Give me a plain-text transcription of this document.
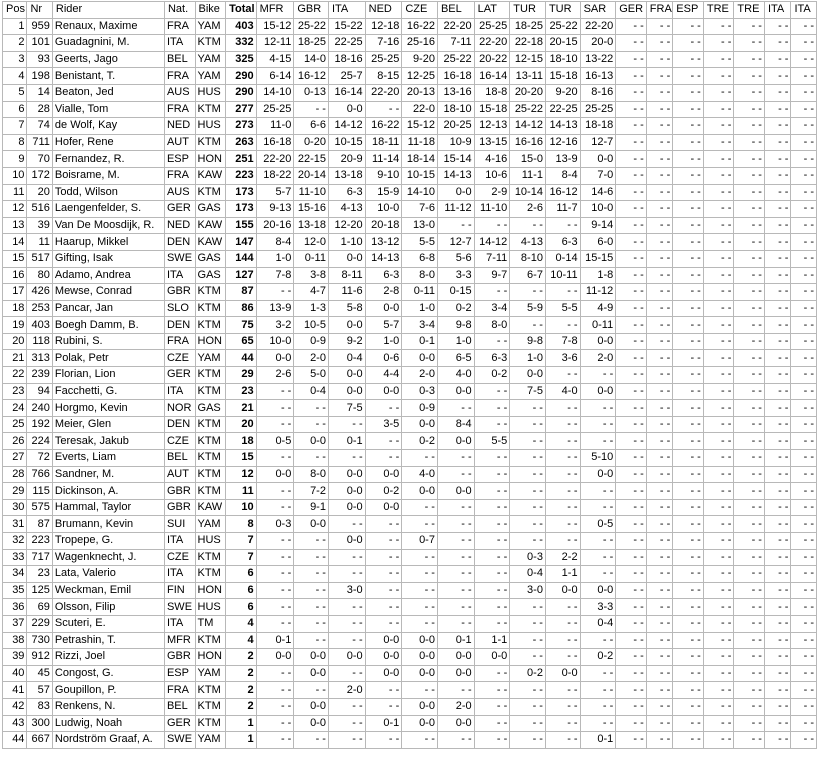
Pos	Nr	Rider	Nat.	Bike	Total	MFR	GBR	ITA	NED	CZE	BEL	LAT	TUR	TUR	SAR	GER	FRA	ESP	TRE	TRE	ITA	ITA
1	959	Renaux, Maxime	FRA	YAM	403	15-12	25-22	15-22	12-18	16-22	22-20	25-25	18-25	25-22	22-20	- -	- -	- -	- -	- -	- -	- -
2	101	Guadagnini, M.	ITA	KTM	332	12-11	18-25	22-25	7-16	25-16	7-11	22-20	22-18	20-15	20-0	- -	- -	- -	- -	- -	- -	- -
3	93	Geerts, Jago	BEL	YAM	325	4-15	14-0	18-16	25-25	9-20	25-22	20-22	12-15	18-10	13-22	- -	- -	- -	- -	- -	- -	- -
4	198	Benistant, T.	FRA	YAM	290	6-14	16-12	25-7	8-15	12-25	16-18	16-14	13-11	15-18	16-13	- -	- -	- -	- -	- -	- -	- -
5	14	Beaton, Jed	AUS	HUS	290	14-10	0-13	16-14	22-20	20-13	13-16	18-8	20-20	9-20	8-16	- -	- -	- -	- -	- -	- -	- -
6	28	Vialle, Tom	FRA	KTM	277	25-25	- -	0-0	- -	22-0	18-10	15-18	25-22	22-25	25-25	- -	- -	- -	- -	- -	- -	- -
7	74	de Wolf, Kay	NED	HUS	273	11-0	6-6	14-12	16-22	15-12	20-25	12-13	14-12	14-13	18-18	- -	- -	- -	- -	- -	- -	- -
8	711	Hofer, Rene	AUT	KTM	263	16-18	0-20	10-15	18-11	11-18	10-9	13-15	16-16	12-16	12-7	- -	- -	- -	- -	- -	- -	- -
9	70	Fernandez, R.	ESP	HON	251	22-20	22-15	20-9	11-14	18-14	15-14	4-16	15-0	13-9	0-0	- -	- -	- -	- -	- -	- -	- -
10	172	Boisrame, M.	FRA	KAW	223	18-22	20-14	13-18	9-10	10-15	14-13	10-6	11-1	8-4	7-0	- -	- -	- -	- -	- -	- -	- -
11	20	Todd, Wilson	AUS	KTM	173	5-7	11-10	6-3	15-9	14-10	0-0	2-9	10-14	16-12	14-6	- -	- -	- -	- -	- -	- -	- -
12	516	Laengenfelder, S.	GER	GAS	173	9-13	15-16	4-13	10-0	7-6	11-12	11-10	2-6	11-7	10-0	- -	- -	- -	- -	- -	- -	- -
13	39	Van De Moosdijk, R.	NED	KAW	155	20-16	13-18	12-20	20-18	13-0	- -	- -	- -	- -	9-14	- -	- -	- -	- -	- -	- -	- -
14	11	Haarup, Mikkel	DEN	KAW	147	8-4	12-0	1-10	13-12	5-5	12-7	14-12	4-13	6-3	6-0	- -	- -	- -	- -	- -	- -	- -
15	517	Gifting, Isak	SWE	GAS	144	1-0	0-11	0-0	14-13	6-8	5-6	7-11	8-10	0-14	15-15	- -	- -	- -	- -	- -	- -	- -
16	80	Adamo, Andrea	ITA	GAS	127	7-8	3-8	8-11	6-3	8-0	3-3	9-7	6-7	10-11	1-8	- -	- -	- -	- -	- -	- -	- -
17	426	Mewse, Conrad	GBR	KTM	87	- -	4-7	11-6	2-8	0-11	0-15	- -	- -	- -	11-12	- -	- -	- -	- -	- -	- -	- -
18	253	Pancar, Jan	SLO	KTM	86	13-9	1-3	5-8	0-0	1-0	0-2	3-4	5-9	5-5	4-9	- -	- -	- -	- -	- -	- -	- -
19	403	Boegh Damm, B.	DEN	KTM	75	3-2	10-5	0-0	5-7	3-4	9-8	8-0	- -	- -	0-11	- -	- -	- -	- -	- -	- -	- -
20	118	Rubini, S.	FRA	HON	65	10-0	0-9	9-2	1-0	0-1	1-0	- -	9-8	7-8	0-0	- -	- -	- -	- -	- -	- -	- -
21	313	Polak, Petr	CZE	YAM	44	0-0	2-0	0-4	0-6	0-0	6-5	6-3	1-0	3-6	2-0	- -	- -	- -	- -	- -	- -	- -
22	239	Florian, Lion	GER	KTM	29	2-6	5-0	0-0	4-4	2-0	4-0	0-2	0-0	- -	- -	- -	- -	- -	- -	- -	- -	- -
23	94	Facchetti, G.	ITA	KTM	23	- -	0-4	0-0	0-0	0-3	0-0	- -	7-5	4-0	0-0	- -	- -	- -	- -	- -	- -	- -
24	240	Horgmo, Kevin	NOR	GAS	21	- -	- -	7-5	- -	0-9	- -	- -	- -	- -	- -	- -	- -	- -	- -	- -	- -	- -
25	192	Meier, Glen	DEN	KTM	20	- -	- -	- -	3-5	0-0	8-4	- -	- -	- -	- -	- -	- -	- -	- -	- -	- -	- -
26	224	Teresak, Jakub	CZE	KTM	18	0-5	0-0	0-1	- -	0-2	0-0	5-5	- -	- -	- -	- -	- -	- -	- -	- -	- -	- -
27	72	Everts, Liam	BEL	KTM	15	- -	- -	- -	- -	- -	- -	- -	- -	- -	5-10	- -	- -	- -	- -	- -	- -	- -
28	766	Sandner, M.	AUT	KTM	12	0-0	8-0	0-0	0-0	4-0	- -	- -	- -	- -	0-0	- -	- -	- -	- -	- -	- -	- -
29	115	Dickinson, A.	GBR	KTM	11	- -	7-2	0-0	0-2	0-0	0-0	- -	- -	- -	- -	- -	- -	- -	- -	- -	- -	- -
30	575	Hammal, Taylor	GBR	KAW	10	- -	9-1	0-0	0-0	- -	- -	- -	- -	- -	- -	- -	- -	- -	- -	- -	- -	- -
31	87	Brumann, Kevin	SUI	YAM	8	0-3	0-0	- -	- -	- -	- -	- -	- -	- -	0-5	- -	- -	- -	- -	- -	- -	- -
32	223	Tropepe, G.	ITA	HUS	7	- -	- -	0-0	- -	0-7	- -	- -	- -	- -	- -	- -	- -	- -	- -	- -	- -	- -
33	717	Wagenknecht, J.	CZE	KTM	7	- -	- -	- -	- -	- -	- -	- -	0-3	2-2	- -	- -	- -	- -	- -	- -	- -	- -
34	23	Lata, Valerio	ITA	KTM	6	- -	- -	- -	- -	- -	- -	- -	0-4	1-1	- -	- -	- -	- -	- -	- -	- -	- -
35	125	Weckman, Emil	FIN	HON	6	- -	- -	3-0	- -	- -	- -	- -	3-0	0-0	0-0	- -	- -	- -	- -	- -	- -	- -
36	69	Olsson, Filip	SWE	HUS	6	- -	- -	- -	- -	- -	- -	- -	- -	- -	3-3	- -	- -	- -	- -	- -	- -	- -
37	229	Scuteri, E.	ITA	TM	4	- -	- -	- -	- -	- -	- -	- -	- -	- -	0-4	- -	- -	- -	- -	- -	- -	- -
38	730	Petrashin, T.	MFR	KTM	4	0-1	- -	- -	0-0	0-0	0-1	1-1	- -	- -	- -	- -	- -	- -	- -	- -	- -	- -
39	912	Rizzi, Joel	GBR	HON	2	0-0	0-0	0-0	0-0	0-0	0-0	0-0	- -	- -	0-2	- -	- -	- -	- -	- -	- -	- -
40	45	Congost, G.	ESP	YAM	2	- -	0-0	- -	0-0	0-0	0-0	- -	0-2	0-0	- -	- -	- -	- -	- -	- -	- -	- -
41	57	Goupillon, P.	FRA	KTM	2	- -	- -	2-0	- -	- -	- -	- -	- -	- -	- -	- -	- -	- -	- -	- -	- -	- -
42	83	Renkens, N.	BEL	KTM	2	- -	0-0	- -	- -	0-0	2-0	- -	- -	- -	- -	- -	- -	- -	- -	- -	- -	- -
43	300	Ludwig, Noah	GER	KTM	1	- -	0-0	- -	0-1	0-0	0-0	- -	- -	- -	- -	- -	- -	- -	- -	- -	- -	- -
44	667	Nordström Graaf, A.	SWE	YAM	1	- -	- -	- -	- -	- -	- -	- -	- -	- -	0-1	- -	- -	- -	- -	- -	- -	- -
